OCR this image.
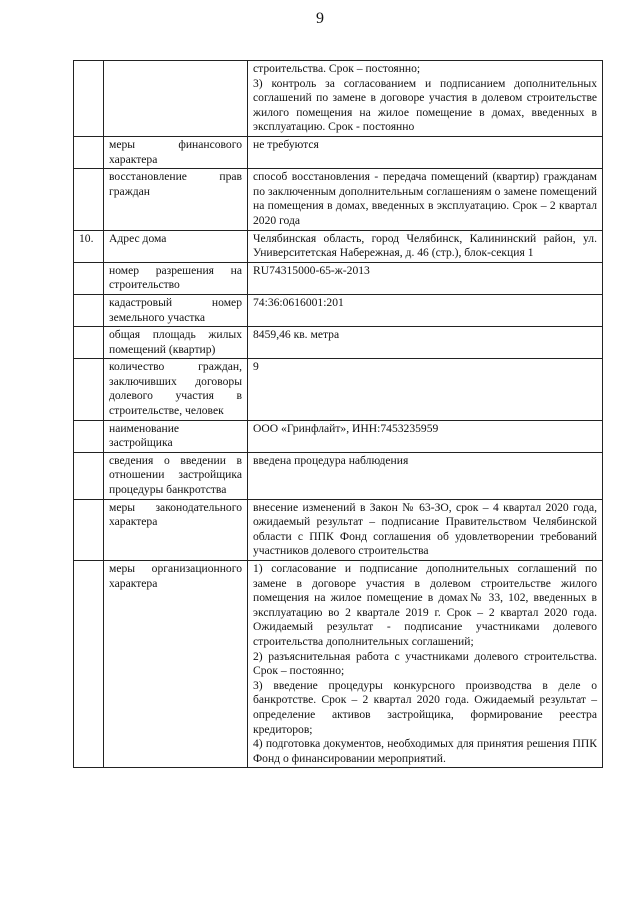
9

		строительства. Срок – постоянно;

3) контроль за согласованием и подписанием дополнительных соглашений по замене в договоре участия в долевом строительстве жилого помещения на жилое помещение в домах, введенных в эксплуатацию. Срок - постоянно

	меры финансового характера	не требуются

	восстановление прав граждан	способ восстановления - передача помещений (квартир) гражданам по заключенным дополнительным соглашениям о замене помещений на помещения в домах, введенных в эксплуатацию. Срок – 2 квартал 2020 года

10.	Адрес дома	Челябинская область, город Челябинск, Калининский район, ул. Университетская Набережная, д. 46 (стр.), блок-секция 1

	номер разрешения на строительство	RU74315000-65-ж-2013

	кадастровый номер земельного участка	74:36:0616001:201

	общая площадь жилых помещений (квартир)	8459,46 кв. метра

	количество граждан, заключивших договоры долевого участия в строительстве, человек	9

	наименование застройщика	ООО «Гринфлайт», ИНН:7453235959

	сведения о введении в отношении застройщика процедуры банкротства	введена процедура наблюдения

	меры законодательного характера	внесение изменений в Закон № 63-ЗО, срок – 4 квартал 2020 года, ожидаемый результат – подписание Правительством Челябинской области с ППК Фонд соглашения об удовлетворении требований участников долевого строительства

	меры организационного характера	1) согласование и подписание дополнительных соглашений по замене в договоре участия в долевом строительстве жилого помещения на жилое помещение в домах№ 33, 102, введенных в эксплуатацию во 2 квартале 2019 г. Срок – 2 квартал 2020 года. Ожидаемый результат - подписание участниками долевого строительства дополнительных соглашений;

2) разъяснительная работа с участниками долевого строительства. Срок – постоянно;

3) введение процедуры конкурсного производства в деле о банкротстве. Срок – 2 квартал 2020 года. Ожидаемый результат – определение активов застройщика, формирование реестра кредиторов;

4) подготовка документов, необходимых для принятия решения ППК Фонд о финансировании мероприятий.
